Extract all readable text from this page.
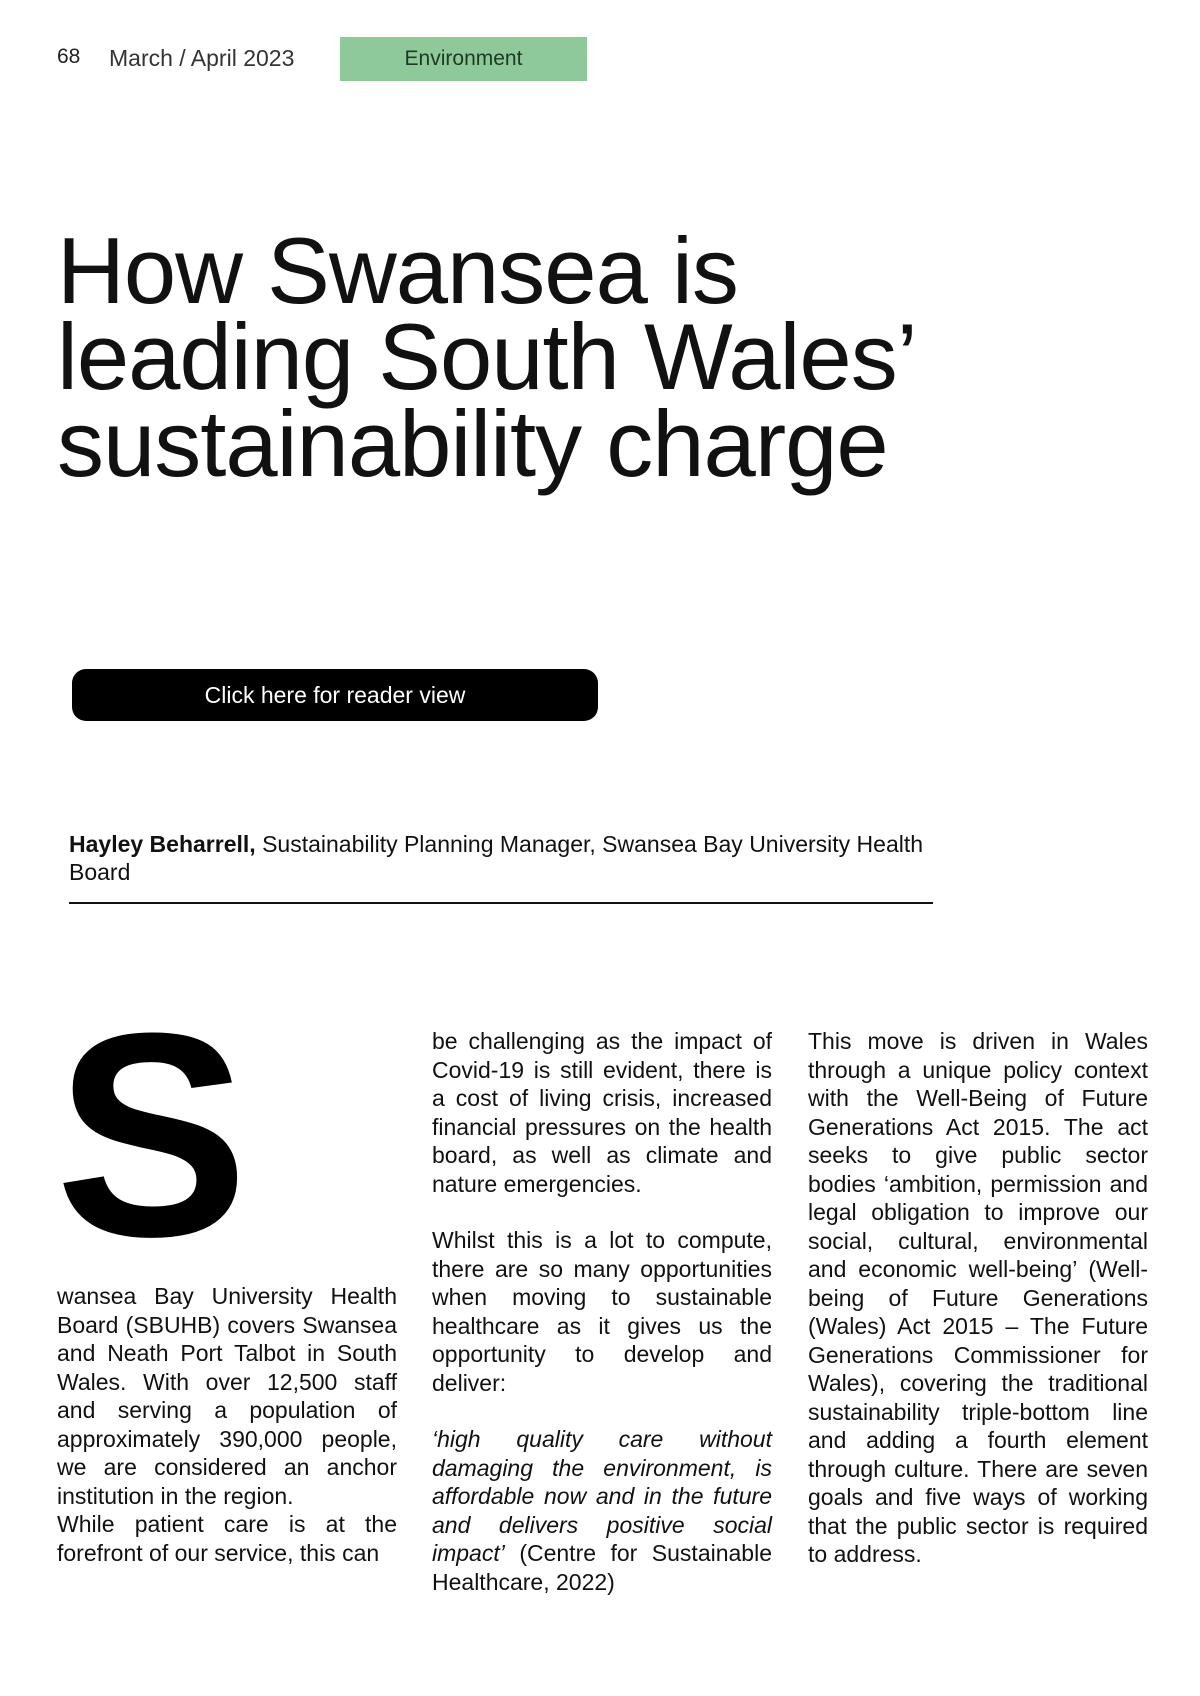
68 March / April 2023	Environment
How Swansea is
leading South Wales’
sustainability charge
Click here for reader view
Hayley Beharrell, Sustainability Planning Manager, Swansea Bay University Health Board
S

wansea Bay University Health Board (SBUHB) covers Swansea and Neath Port Talbot in South Wales. With over 12,500 staff and serving a population of approximately 390,000 people, we are considered an anchor institution in the region.

While patient care is at the forefront of our service, this can

be challenging as the impact of Covid-19 is still evident, there is a cost of living crisis, increased financial pressures on the health board, as well as climate and nature emergencies.

Whilst this is a lot to compute, there are so many opportunities when moving to sustainable healthcare as it gives us the opportunity to develop and deliver:

‘high quality care without damaging the environment, is affordable now and in the future and delivers positive social impact’ (Centre for Sustainable Healthcare, 2022)

This move is driven in Wales through a unique policy context with the Well-Being of Future Generations Act 2015. The act seeks to give public sector bodies ‘ambition, permission and legal obligation to improve our social, cultural, environmental and economic well-being’ (Well-being of Future Generations (Wales) Act 2015 – The Future Generations Commissioner for Wales), covering the traditional sustainability triple-bottom line and adding a fourth element through culture. There are seven goals and five ways of working that the public sector is required to address.
